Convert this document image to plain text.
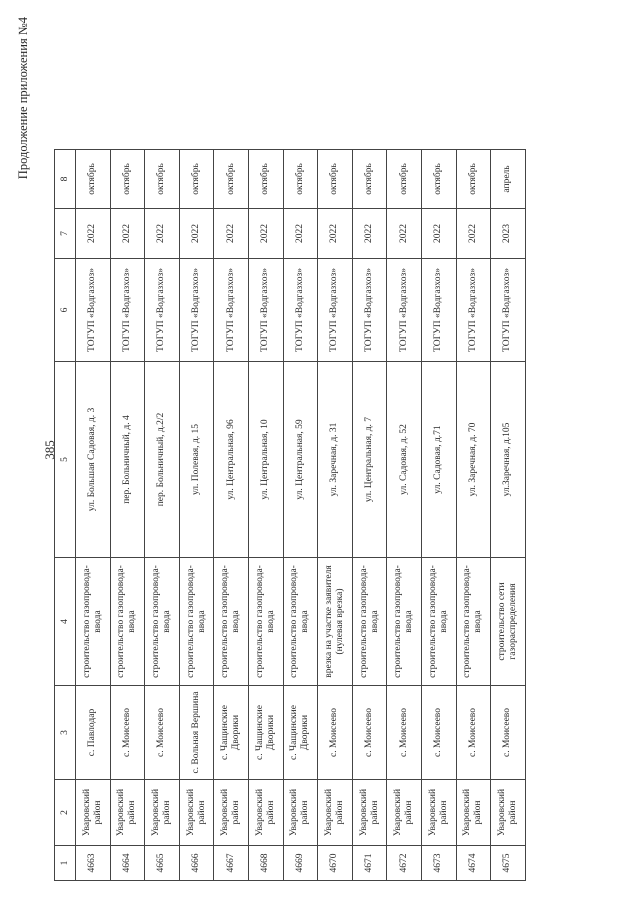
385
Продолжение приложения №4
1	2	3	4	5	6	7	8
4663	Уваровский район	с. Павлодар	строительство газопровода-ввода	ул. Большая Садовая, д. 3	ТОГУП «Водгазхоз»	2022	октябрь
4664	Уваровский район	с. Моисеево	строительство газопровода-ввода	пер. Больничный, д. 4	ТОГУП «Водгазхоз»	2022	октябрь
4665	Уваровский район	с. Моисеево	строительство газопровода-ввода	пер. Больничный, д.2/2	ТОГУП «Водгазхоз»	2022	октябрь
4666	Уваровский район	с. Вольная Вершина	строительство газопровода-ввода	ул. Полевая, д. 15	ТОГУП «Водгазхоз»	2022	октябрь
4667	Уваровский район	с. Чащинские Дворики	строительство газопровода-ввода	ул. Центральная, 96	ТОГУП «Водгазхоз»	2022	октябрь
4668	Уваровский район	с. Чащинские Дворики	строительство газопровода-ввода	ул. Центральная, 10	ТОГУП «Водгазхоз»	2022	октябрь
4669	Уваровский район	с. Чащинские Дворики	строительство газопровода-ввода	ул. Центральная, 59	ТОГУП «Водгазхоз»	2022	октябрь
4670	Уваровский район	с. Моисеево	врезка на участке заявителя (нулевая врезка)	ул. Заречная, д. 31	ТОГУП «Водгазхоз»	2022	октябрь
4671	Уваровский район	с. Моисеево	строительство газопровода-ввода	ул. Центральная, д. 7	ТОГУП «Водгазхоз»	2022	октябрь
4672	Уваровский район	с. Моисеево	строительство газопровода-ввода	ул. Садовая, д. 52	ТОГУП «Водгазхоз»	2022	октябрь
4673	Уваровский район	с. Моисеево	строительство газопровода-ввода	ул. Садовая, д.71	ТОГУП «Водгазхоз»	2022	октябрь
4674	Уваровский район	с. Моисеево	строительство газопровода-ввода	ул. Заречная, д. 70	ТОГУП «Водгазхоз»	2022	октябрь
4675	Уваровский район	с. Моисеево	строительство сети газораспределения	ул.Заречная, д.105	ТОГУП «Водгазхоз»	2023	апрель
